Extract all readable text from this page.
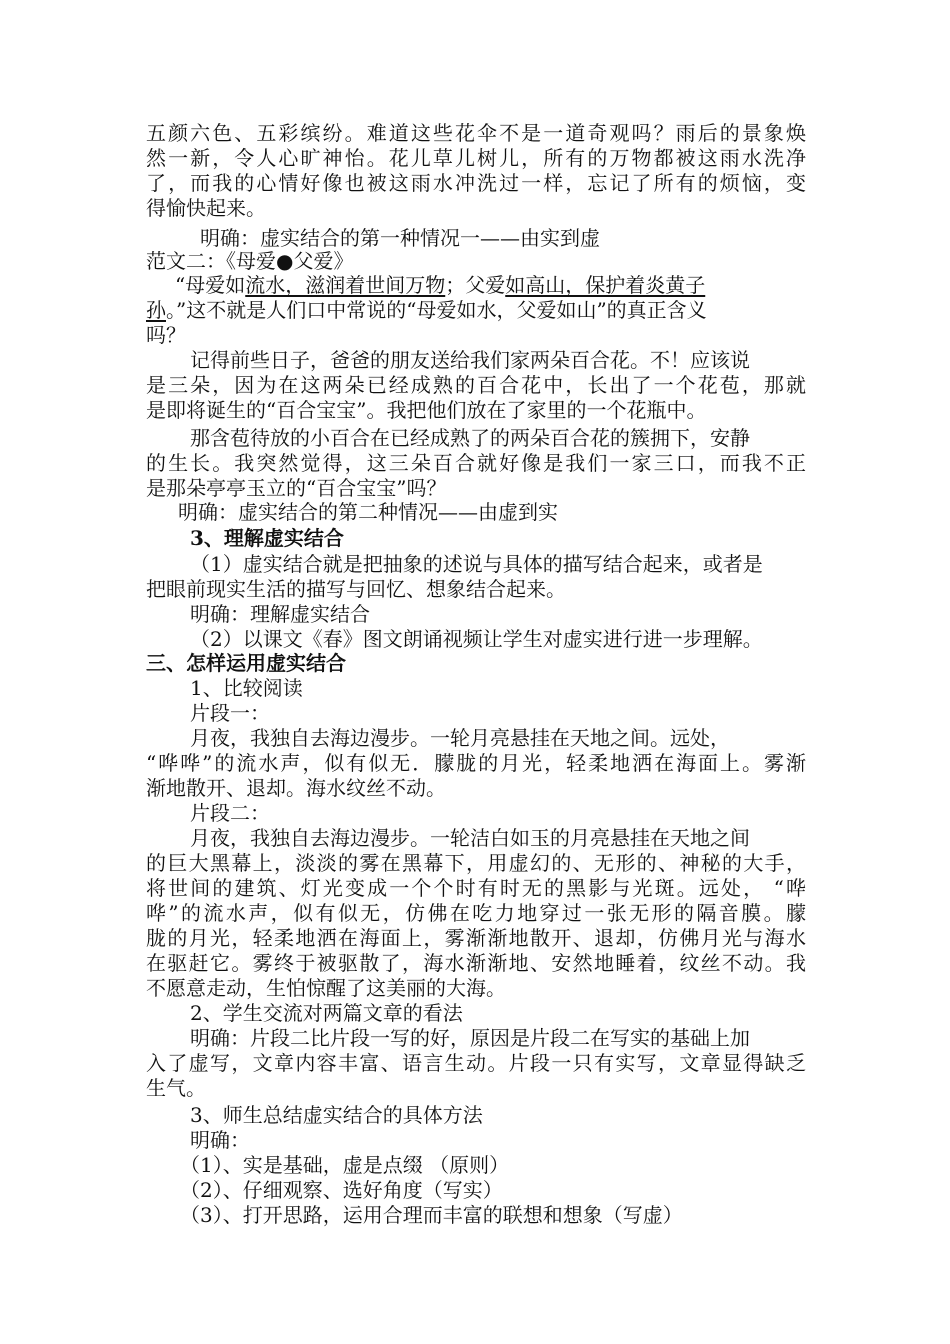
五颜六色、五彩缤纷。难道这些花伞不是一道奇观吗？雨后的景象焕
然一新，令人心旷神怡。花儿草儿树儿，所有的万物都被这雨水洗净
了，而我的心情好像也被这雨水冲洗过一样，忘记了所有的烦恼，变
得愉快起来。
明确：虚实结合的第一种情况一——由实到虚
范文二：《母爱●父爱》
“母爱如流水，滋润着世间万物；父爱如高山，保护着炎黄子
孙。”这不就是人们口中常说的“母爱如水，父爱如山”的真正含义
吗？
记得前些日子，爸爸的朋友送给我们家两朵百合花。不！应该说
是三朵，因为在这两朵已经成熟的百合花中，长出了一个花苞，那就
是即将诞生的“百合宝宝”。我把他们放在了家里的一个花瓶中。
那含苞待放的小百合在已经成熟了的两朵百合花的簇拥下，安静
的生长。我突然觉得，这三朵百合就好像是我们一家三口，而我不正
是那朵亭亭玉立的“百合宝宝”吗？
明确：虚实结合的第二种情况——由虚到实
3、理解虚实结合
（1）虚实结合就是把抽象的述说与具体的描写结合起来，或者是
把眼前现实生活的描写与回忆、想象结合起来。
明确：理解虚实结合
（2）以课文《春》图文朗诵视频让学生对虚实进行进一步理解。
三、怎样运用虚实结合
1、比较阅读
片段一：
月夜，我独自去海边漫步。一轮月亮悬挂在天地之间。远处，
“哗哗”的流水声，似有似无．朦胧的月光，轻柔地洒在海面上。雾渐
渐地散开、退却。海水纹丝不动。
片段二：
月夜，我独自去海边漫步。一轮洁白如玉的月亮悬挂在天地之间
的巨大黑幕上，淡淡的雾在黑幕下，用虚幻的、无形的、神秘的大手，
将世间的建筑、灯光变成一个个时有时无的黑影与光斑。远处， “哗
哗”的流水声，似有似无，仿佛在吃力地穿过一张无形的隔音膜。朦
胧的月光，轻柔地洒在海面上，雾渐渐地散开、退却，仿佛月光与海水
在驱赶它。雾终于被驱散了，海水渐渐地、安然地睡着，纹丝不动。我
不愿意走动，生怕惊醒了这美丽的大海。
2、学生交流对两篇文章的看法
明确：片段二比片段一写的好，原因是片段二在写实的基础上加
入了虚写，文章内容丰富、语言生动。片段一只有实写，文章显得缺乏
生气。
3、师生总结虚实结合的具体方法
明确：
（1）、实是基础，虚是点缀 （原则）
（2）、仔细观察、选好角度（写实）
（3）、打开思路，运用合理而丰富的联想和想象（写虚）
